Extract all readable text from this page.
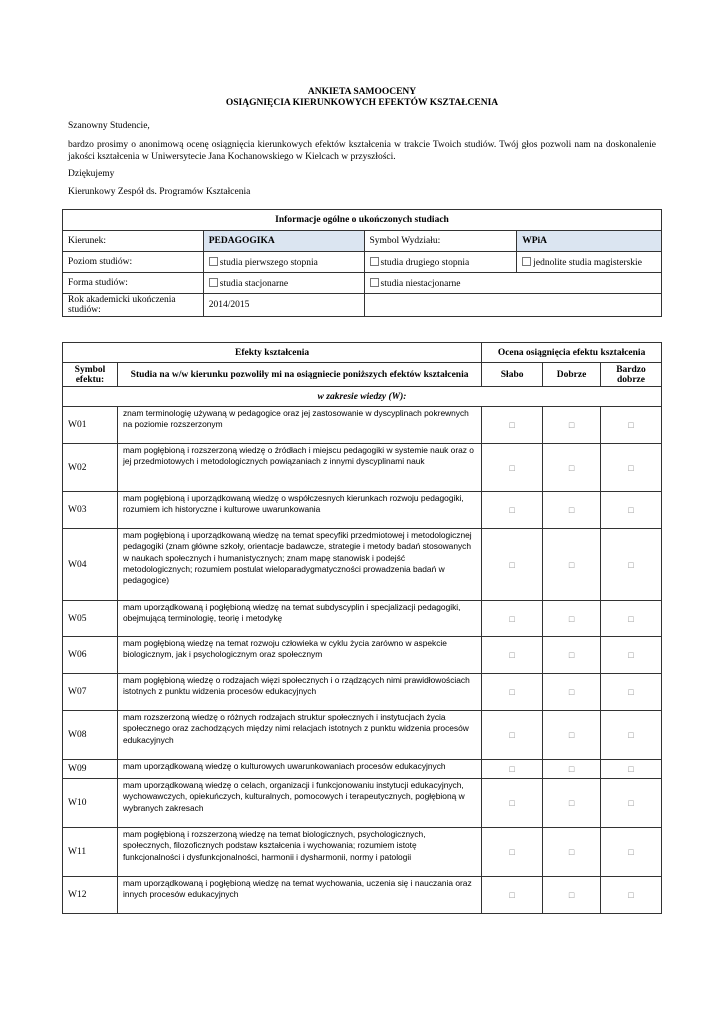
ANKIETA SAMOOCENY
OSIĄGNIĘCIA KIERUNKOWYCH EFEKTÓW KSZTAŁCENIA
Szanowny Studencie,
bardzo prosimy o anonimową ocenę osiągnięcia kierunkowych efektów kształcenia w trakcie Twoich studiów. Twój głos pozwoli nam na doskonalenie jakości kształcenia w Uniwersytecie Jana Kochanowskiego w Kielcach w przyszłości.
Dziękujemy
Kierunkowy Zespół ds. Programów Kształcenia
Informacje ogólne o ukończonych studiach			
Kierunek:	PEDAGOGIKA	Symbol Wydziału:	WPiA
Poziom studiów:	studia pierwszego stopnia	studia drugiego stopnia	jednolite studia magisterskie
Forma studiów:	studia stacjonarne	studia niestacjonarne	
Rok akademicki ukończenia studiów:	2014/2015		
Efekty kształcenia		Ocena osiągnięcia efektu kształcenia		
Symbol efektu:	Studia na w/w kierunku pozwoliły mi na osiągniecie poniższych efektów kształcenia	Słabo	Dobrze	Bardzo dobrze
w zakresie wiedzy (W):				
W01	znam terminologię używaną w pedagogice oraz jej zastosowanie w dyscyplinach pokrewnych na poziomie rozszerzonym	□	□	□
W02	mam pogłębioną i rozszerzoną wiedzę o źródłach i miejscu pedagogiki w systemie nauk oraz o jej przedmiotowych i metodologicznych powiązaniach z innymi dyscyplinami nauk	□	□	□
W03	mam pogłębioną i uporządkowaną wiedzę o współczesnych kierunkach rozwoju pedagogiki, rozumiem ich historyczne i kulturowe uwarunkowania	□	□	□
W04	mam pogłębioną i uporządkowaną wiedzę na temat specyfiki przedmiotowej i metodologicznej pedagogiki (znam główne szkoły, orientacje badawcze, strategie i metody badań stosowanych w naukach społecznych i humanistycznych; znam mapę stanowisk i podejść metodologicznych; rozumiem postulat wieloparadygmatyczności prowadzenia badań w pedagogice)	□	□	□
W05	mam uporządkowaną i pogłębioną wiedzę na temat subdyscyplin i specjalizacji pedagogiki, obejmującą terminologię, teorię i metodykę	□	□	□
W06	mam pogłębioną wiedzę na temat rozwoju człowieka w cyklu życia zarówno w aspekcie biologicznym, jak i psychologicznym oraz społecznym	□	□	□
W07	mam pogłębioną wiedzę o rodzajach więzi społecznych i o rządzących nimi prawidłowościach istotnych z punktu widzenia procesów edukacyjnych	□	□	□
W08	mam rozszerzoną wiedzę o różnych rodzajach struktur społecznych i instytucjach życia społecznego oraz zachodzących między nimi relacjach istotnych z punktu widzenia procesów edukacyjnych	□	□	□
W09	mam uporządkowaną wiedzę o kulturowych uwarunkowaniach procesów edukacyjnych	□	□	□
W10	mam uporządkowaną wiedzę o celach, organizacji i funkcjonowaniu instytucji edukacyjnych, wychowawczych, opiekuńczych, kulturalnych, pomocowych i terapeutycznych, pogłębioną w wybranych zakresach	□	□	□
W11	mam pogłębioną i rozszerzoną wiedzę na temat biologicznych, psychologicznych, społecznych, filozoficznych podstaw kształcenia i wychowania; rozumiem istotę funkcjonalności i dysfunkcjonalności, harmonii i dysharmonii, normy i patologii	□	□	□
W12	mam uporządkowaną i pogłębioną wiedzę na temat wychowania, uczenia się i nauczania oraz innych procesów edukacyjnych	□	□	□
